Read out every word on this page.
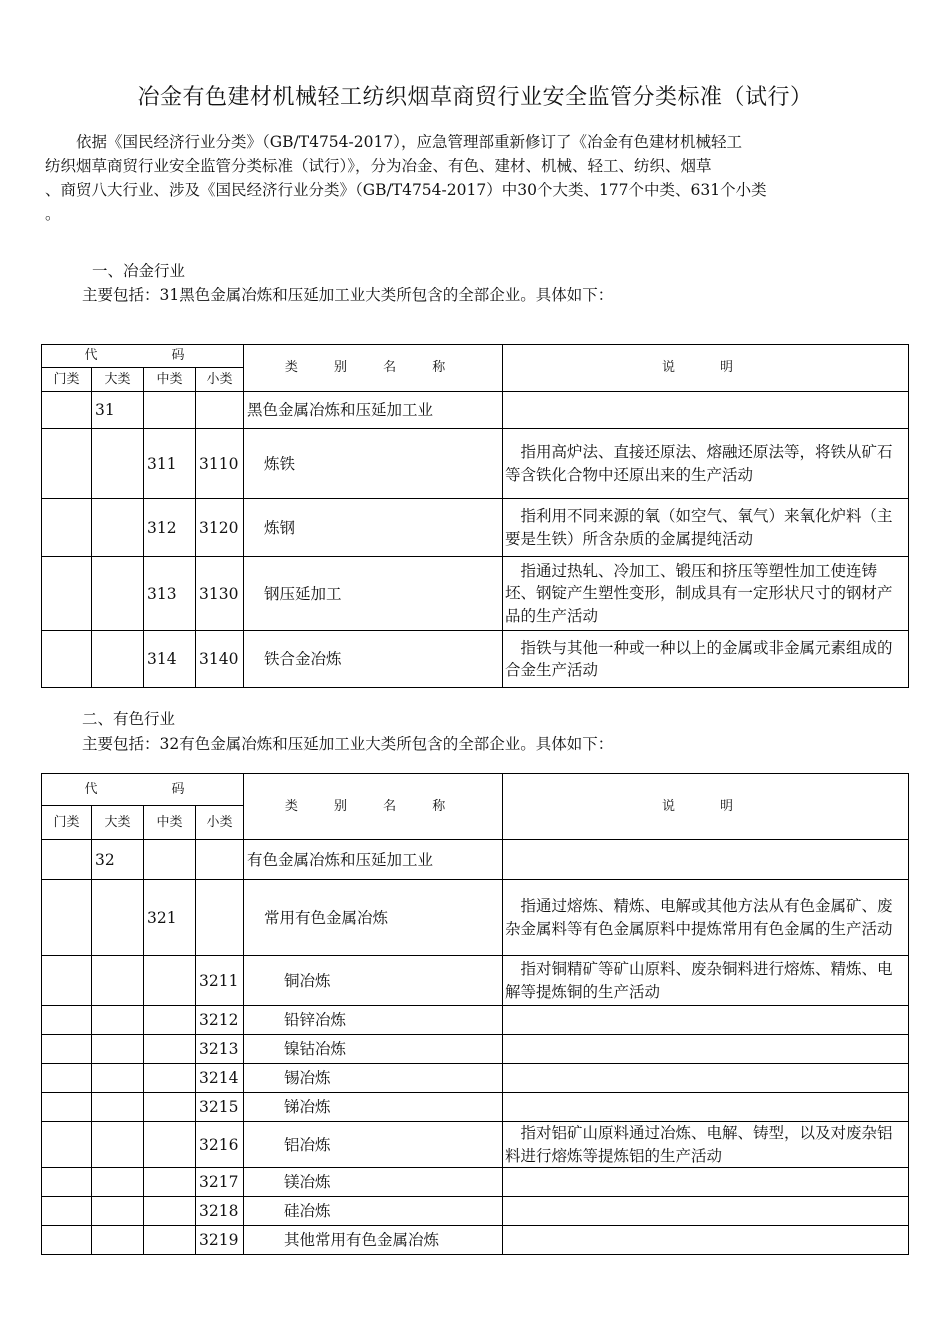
冶金有色建材机械轻工纺织烟草商贸行业安全监管分类标准（试行）
　　依据《国民经济行业分类》（GB/T4754-2017），应急管理部重新修订了《冶金有色建材机械轻工
纺织烟草商贸行业安全监管分类标准（试行）》，分为冶金、有色、建材、机械、轻工、纺织、烟草
、商贸八大行业、涉及《国民经济行业分类》（GB/T4754-2017）中30个大类、177个中类、631个小类
。
一、冶金行业
主要包括：31黑色金属冶炼和压延加工业大类所包含的全部企业。具体如下：
代　　码				类 别 名 称	说　明
门类	大类	中类	小类		
	31			黑色金属冶炼和压延加工业	
		311	3110	炼铁	　指用高炉法、直接还原法、熔融还原法等，将铁从矿石等含铁化合物中还原出来的生产活动
		312	3120	炼钢	　指利用不同来源的氧（如空气、氧气）来氧化炉料（主要是生铁）所含杂质的金属提纯活动
		313	3130	钢压延加工	　指通过热轧、冷加工、锻压和挤压等塑性加工使连铸坯、钢锭产生塑性变形，制成具有一定形状尺寸的钢材产品的生产活动
		314	3140	铁合金冶炼	　指铁与其他一种或一种以上的金属或非金属元素组成的合金生产活动
二、有色行业
主要包括：32有色金属冶炼和压延加工业大类所包含的全部企业。具体如下：
代　　码				类 别 名 称	说　明
门类	大类	中类	小类		
	32			有色金属冶炼和压延加工业	
		321		常用有色金属冶炼	　指通过熔炼、精炼、电解或其他方法从有色金属矿、废杂金属料等有色金属原料中提炼常用有色金属的生产活动
			3211	铜冶炼	　指对铜精矿等矿山原料、废杂铜料进行熔炼、精炼、电解等提炼铜的生产活动
			3212	铅锌冶炼	
			3213	镍钴冶炼	
			3214	锡冶炼	
			3215	锑冶炼	
			3216	铝冶炼	　指对铝矿山原料通过冶炼、电解、铸型，以及对废杂铝料进行熔炼等提炼铝的生产活动
			3217	镁冶炼	
			3218	硅冶炼	
			3219	其他常用有色金属冶炼	
